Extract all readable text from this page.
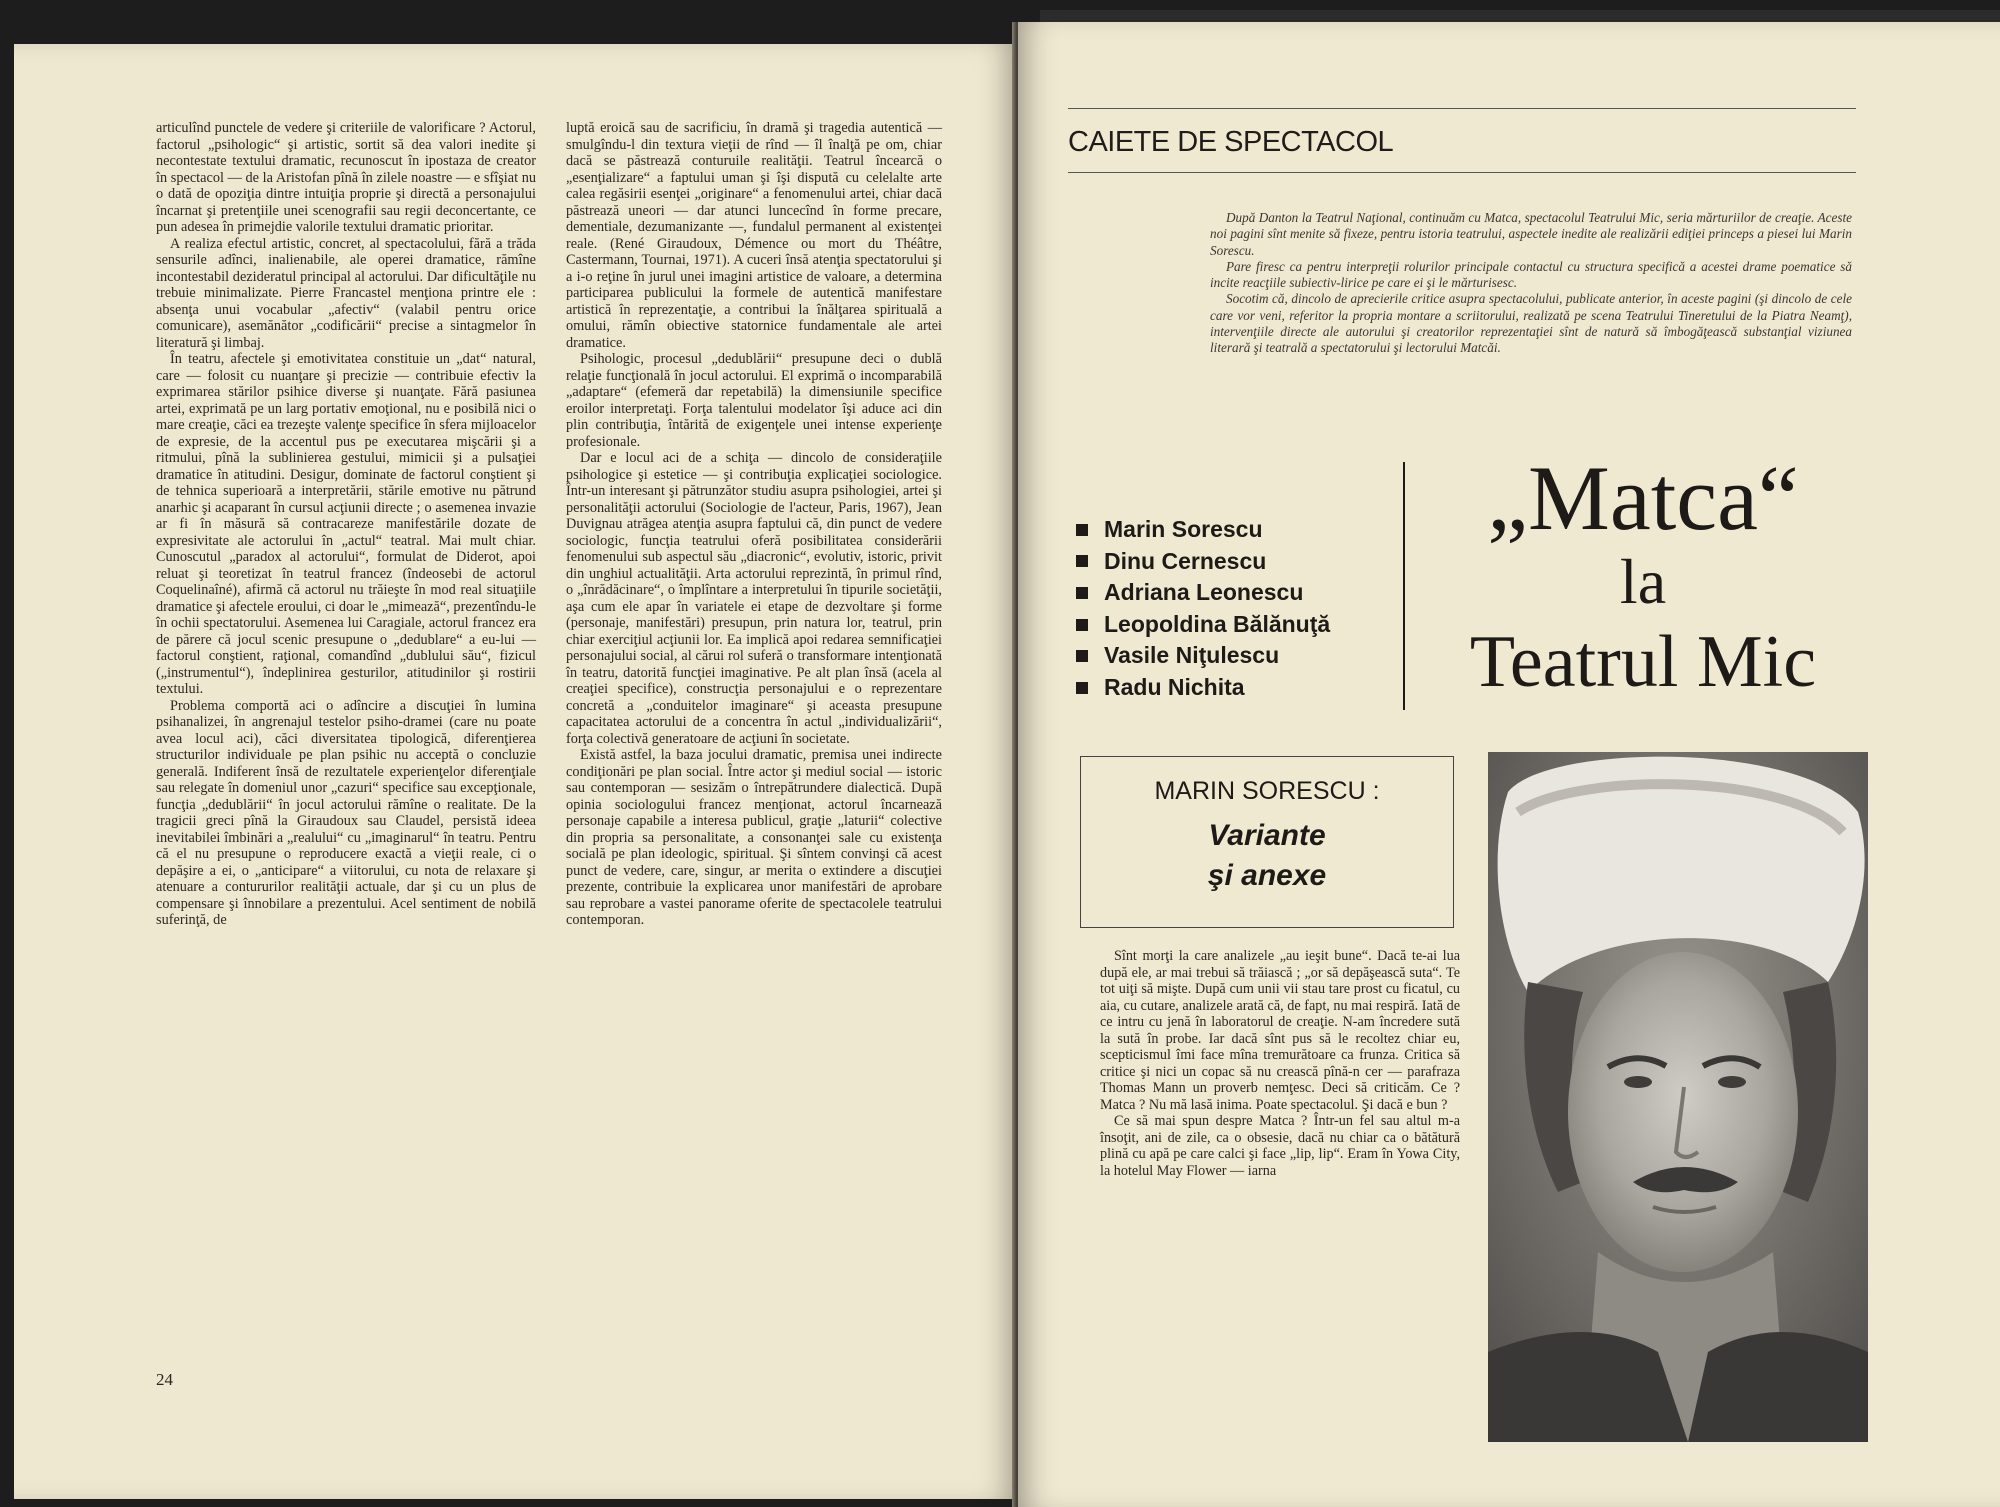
articulînd punctele de vedere şi criteriile de valorificare ? Actorul, factorul „psihologic“ şi artistic, sortit să dea valori inedite şi necontestate textului dramatic, recunoscut în ipostaza de creator în spectacol — de la Aristofan pînă în zilele noastre — e sfîşiat nu o dată de opoziţia dintre intuiţia proprie şi directă a personajului încarnat şi pretenţiile unei scenografii sau regii deconcertante, ce pun adesea în primejdie valorile textului dramatic prioritar.

A realiza efectul artistic, concret, al spectacolului, fără a trăda sensurile adînci, inalienabile, ale operei dramatice, rămîne incontestabil dezideratul principal al actorului. Dar dificultăţile nu trebuie minimalizate. Pierre Francastel menţiona printre ele : absenţa unui vocabular „afectiv“ (valabil pentru orice comunicare), asemănător „codificării“ precise a sintagmelor în literatură şi limbaj.

În teatru, afectele şi emotivitatea constituie un „dat“ natural, care — folosit cu nuanţare şi precizie — contribuie efectiv la exprimarea stărilor psihice diverse şi nuanţate. Fără pasiunea artei, exprimată pe un larg portativ emoţional, nu e posibilă nici o mare creaţie, căci ea trezeşte valenţe specifice în sfera mijloacelor de expresie, de la accentul pus pe executarea mişcării şi a ritmului, pînă la sublinierea gestului, mimicii şi a pulsaţiei dramatice în atitudini. Desigur, dominate de factorul conştient şi de tehnica superioară a interpretării, stările emotive nu pătrund anarhic şi acaparant în cursul acţiunii directe ; o asemenea invazie ar fi în măsură să contracareze manifestările dozate de expresivitate ale actorului în „actul“ teatral. Mai mult chiar. Cunoscutul „paradox al actorului“, formulat de Diderot, apoi reluat şi teoretizat în teatrul francez (îndeosebi de actorul Coquelinaîné), afirmă că actorul nu trăieşte în mod real situaţiile dramatice şi afectele eroului, ci doar le „mimează“, prezentîndu-le în ochii spectatorului. Asemenea lui Caragiale, actorul francez era de părere că jocul scenic presupune o „dedublare“ a eu-lui — factorul conştient, raţional, comandînd „dublului său“, fizicul („instrumentul“), îndeplinirea gesturilor, atitudinilor şi rostirii textului.

Problema comportă aci o adîncire a discuţiei în lumina psihanalizei, în angrenajul testelor psiho-dramei (care nu poate avea locul aci), căci diversitatea tipologică, diferenţierea structurilor individuale pe plan psihic nu acceptă o concluzie generală. Indiferent însă de rezultatele experienţelor diferenţiale sau relegate în domeniul unor „cazuri“ specifice sau excepţionale, funcţia „dedublării“ în jocul actorului rămîne o realitate. De la tragicii greci pînă la Giraudoux sau Claudel, persistă ideea inevitabilei îmbinări a „realului“ cu „imaginarul“ în teatru. Pentru că el nu presupune o reproducere exactă a vieţii reale, ci o depăşire a ei, o „anticipare“ a viitorului, cu nota de relaxare şi atenuare a contururilor realităţii actuale, dar şi cu un plus de compensare şi înnobilare a prezentului. Acel sentiment de nobilă suferinţă, de

luptă eroică sau de sacrificiu, în dramă şi tragedia autentică — smulgîndu-l din textura vieţii de rînd — îl înalţă pe om, chiar dacă se păstrează conturuile realităţii. Teatrul încearcă o „esenţializare“ a faptului uman şi îşi dispută cu celelalte arte calea regăsirii esenţei „originare“ a fenomenului artei, chiar dacă păstrează uneori — dar atunci luncecînd în forme precare, dementiale, dezumanizante —, fundalul permanent al existenţei reale. (René Giraudoux, Démence ou mort du Théâtre, Castermann, Tournai, 1971). A cuceri însă atenţia spectatorului şi a i-o reţine în jurul unei imagini artistice de valoare, a determina participarea publicului la formele de autentică manifestare artistică în reprezentaţie, a contribui la înălţarea spirituală a omului, rămîn obiective statornice fundamentale ale artei dramatice.

Psihologic, procesul „dedublării“ presupune deci o dublă relaţie funcţională în jocul actorului. El exprimă o incomparabilă „adaptare“ (efemeră dar repetabilă) la dimensiunile specifice eroilor interpretaţi. Forţa talentului modelator îşi aduce aci din plin contribuţia, întărită de exigenţele unei intense experienţe profesionale.

Dar e locul aci de a schiţa — dincolo de consideraţiile psihologice şi estetice — şi contribuţia explicaţiei sociologice. Într-un interesant şi pătrunzător studiu asupra psihologiei, artei şi personalităţii actorului (Sociologie de l'acteur, Paris, 1967), Jean Duvignau atrăgea atenţia asupra faptului că, din punct de vedere sociologic, funcţia teatrului oferă posibilitatea considerării fenomenului sub aspectul său „diacronic“, evolutiv, istoric, privit din unghiul actualităţii. Arta actorului reprezintă, în primul rînd, o „înrădăcinare“, o împlîntare a interpretului în tipurile societăţii, aşa cum ele apar în variatele ei etape de dezvoltare şi forme (personaje, manifestări) presupun, prin natura lor, teatrul, prin chiar exerciţiul acţiunii lor. Ea implică apoi redarea semnificaţiei personajului social, al cărui rol suferă o transformare intenţionată în teatru, datorită funcţiei imaginative. Pe alt plan însă (acela al creaţiei specifice), construcţia personajului e o reprezentare concretă a „conduitelor imaginare“ şi aceasta presupune capacitatea actorului de a concentra în actul „individualizării“, forţa colectivă generatoare de acţiuni în societate.

Există astfel, la baza jocului dramatic, premisa unei indirecte condiţionări pe plan social. Între actor şi mediul social — istoric sau contemporan — sesizăm o întrepătrundere dialectică. După opinia sociologului francez menţionat, actorul încarnează personaje capabile a interesa publicul, graţie „laturii“ colective din propria sa personalitate, a consonanţei sale cu existenţa socială pe plan ideologic, spiritual. Şi sîntem convinşi că acest punct de vedere, care, singur, ar merita o extindere a discuţiei prezente, contribuie la explicarea unor manifestări de aprobare sau reprobare a vastei panorame oferite de spectacolele teatrului contemporan.

24
CAIETE DE SPECTACOL

După Danton la Teatrul Naţional, continuăm cu Matca, spectacolul Teatrului Mic, seria mărturiilor de creaţie. Aceste noi pagini sînt menite să fixeze, pentru istoria teatrului, aspectele inedite ale realizării ediţiei princeps a piesei lui Marin Sorescu.

Pare firesc ca pentru interpreţii rolurilor principale contactul cu structura specifică a acestei drame poematice să incite reacţiile subiectiv-lirice pe care ei şi le mărturisesc.

Socotim că, dincolo de aprecierile critice asupra spectacolului, publicate anterior, în aceste pagini (şi dincolo de cele care vor veni, referitor la propria montare a scriitorului, realizată pe scena Teatrului Tineretului de la Piatra Neamţ), intervenţiile directe ale autorului şi creatorilor reprezentaţiei sînt de natură să îmbogăţească substanţial viziunea literară şi teatrală a spectatorului şi lectorului Matcăi.

Marin Sorescu
Dinu Cernescu
Adriana Leonescu
Leopoldina Bălănuţă
Vasile Niţulescu
Radu Nichita
„Matca“
la
Teatrul Mic
MARIN SORESCU :
Variante
şi anexe

Sînt morţi la care analizele „au ieşit bune“. Dacă te-ai lua după ele, ar mai trebui să trăiască ; „or să depăşească suta“. Te tot uiţi să mişte. După cum unii vii stau tare prost cu ficatul, cu aia, cu cutare, analizele arată că, de fapt, nu mai respiră. Iată de ce intru cu jenă în laboratorul de creaţie. N-am încredere sută la sută în probe. Iar dacă sînt pus să le recoltez chiar eu, scepticismul îmi face mîna tremurătoare ca frunza. Critica să critice şi nici un copac să nu crească pînă-n cer — parafraza Thomas Mann un proverb nemţesc. Deci să criticăm. Ce ? Matca ? Nu mă lasă inima. Poate spectacolul. Şi dacă e bun ?

Ce să mai spun despre Matca ? Într-un fel sau altul m-a însoţit, ani de zile, ca o obsesie, dacă nu chiar ca o bătătură plină cu apă pe care calci şi face „lip, lip“. Eram în Yowa City, la hotelul May Flower — iarna
